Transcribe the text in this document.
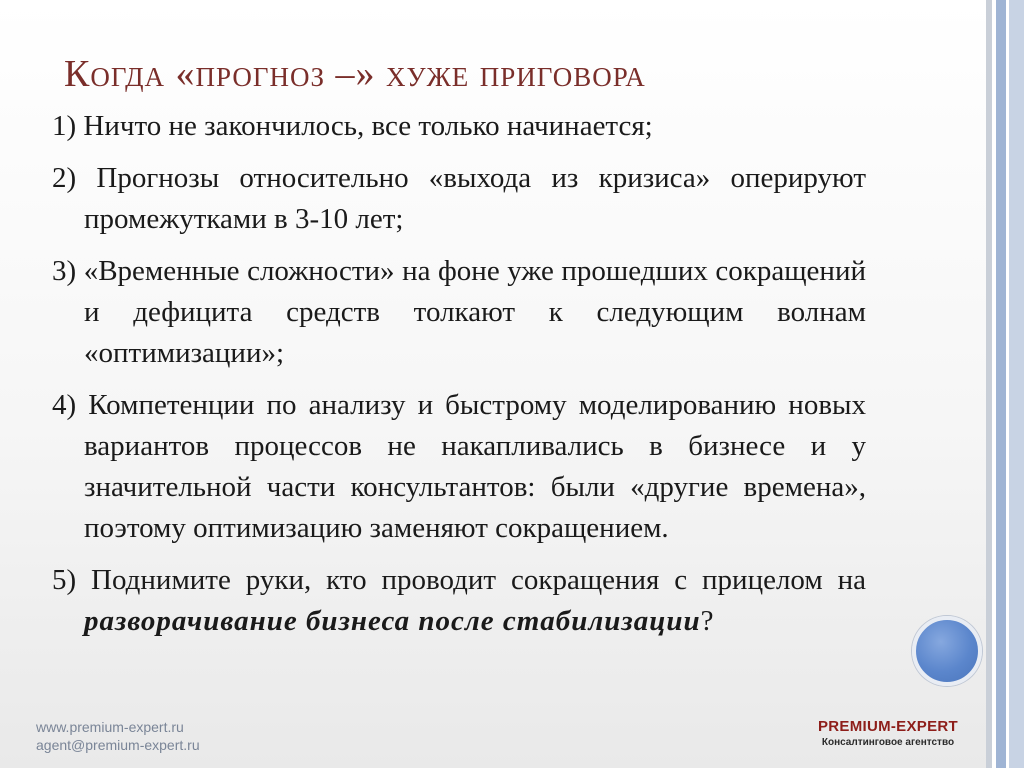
Когда «прогноз –» хуже приговора
1) Ничто не закончилось, все только начинается;
2) Прогнозы относительно «выхода из кризиса» оперируют промежутками в 3-10 лет;
3) «Временные сложности» на фоне уже прошедших сокращений и дефицита средств толкают к следующим волнам «оптимизации»;
4) Компетенции по анализу и быстрому моделированию новых вариантов процессов не накапливались в бизнесе и у значительной части консультантов: были «другие времена», поэтому оптимизацию заменяют сокращением.
5) Поднимите руки, кто проводит сокращения с прицелом на разворачивание бизнеса после стабилизации?
www.premium-expert.ru
agent@premium-expert.ru
PREMIUM-EXPERT
Консалтинговое агентство
